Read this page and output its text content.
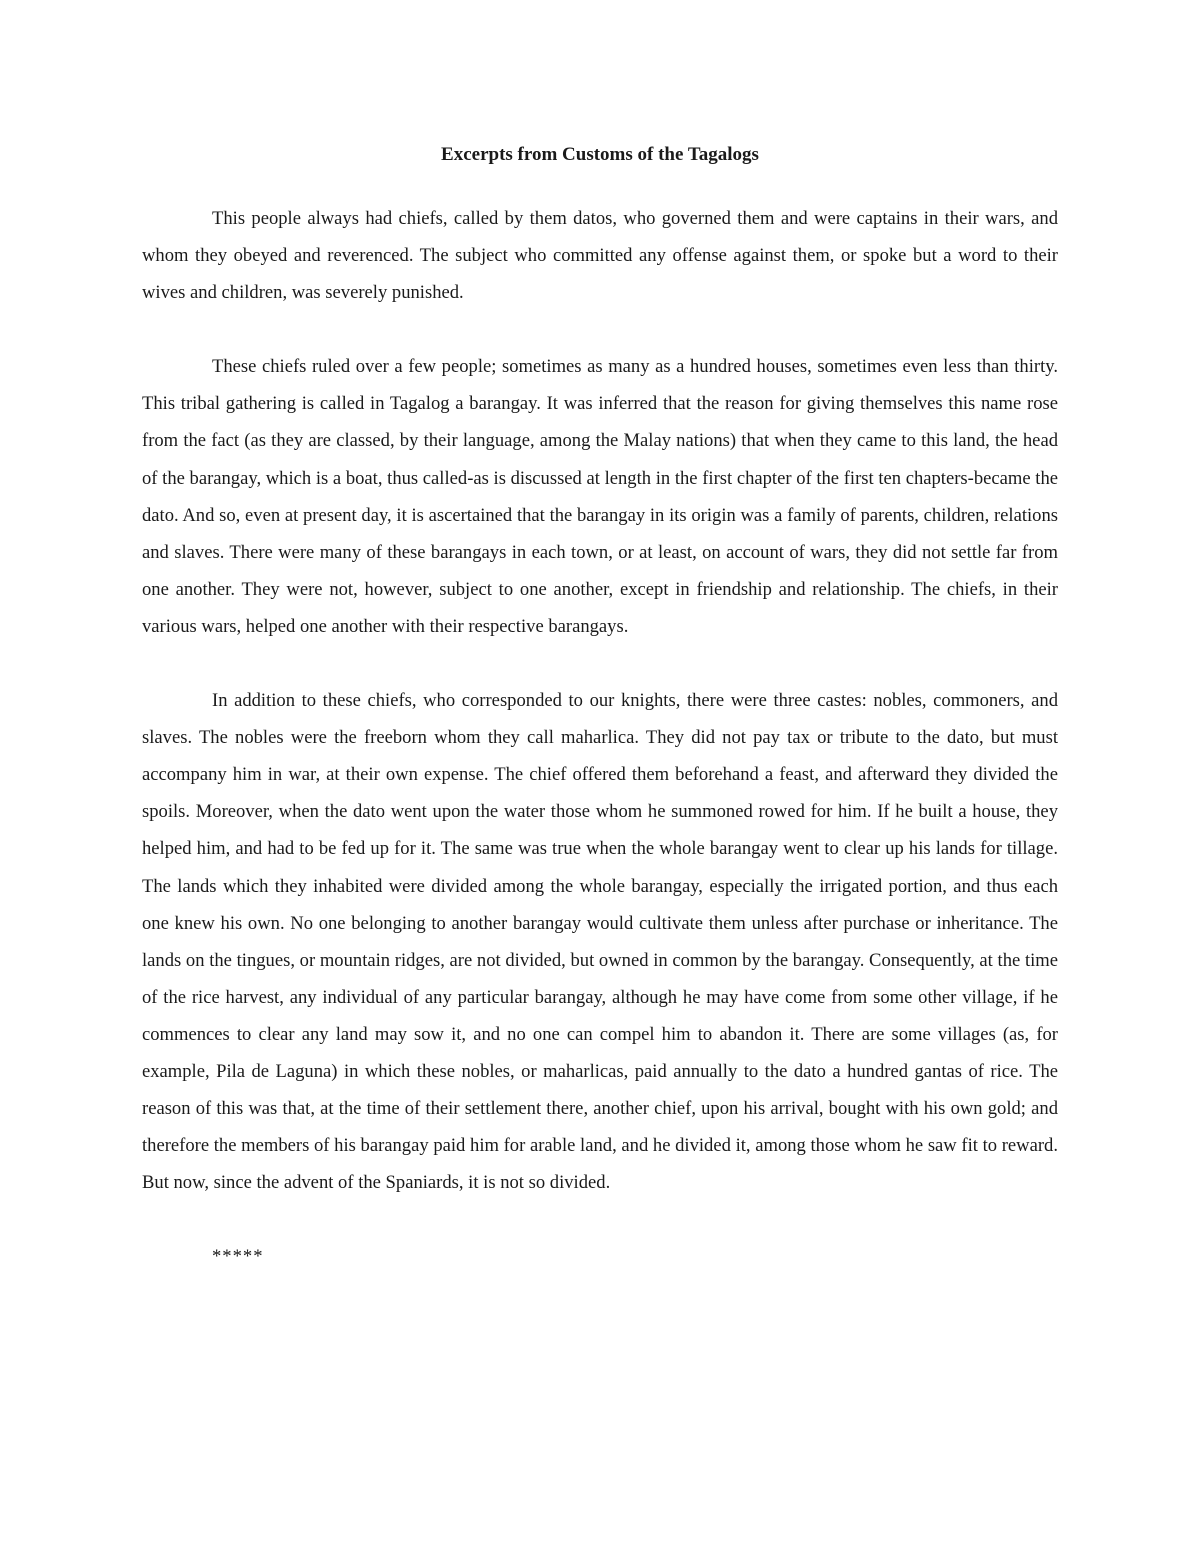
Excerpts from Customs of the Tagalogs

This people always had chiefs, called by them datos, who governed them and were captains in their wars, and whom they obeyed and reverenced. The subject who committed any offense against them, or spoke but a word to their wives and children, was severely punished.

These chiefs ruled over a few people; sometimes as many as a hundred houses, sometimes even less than thirty. This tribal gathering is called in Tagalog a barangay. It was inferred that the reason for giving themselves this name rose from the fact (as they are classed, by their language, among the Malay nations) that when they came to this land, the head of the barangay, which is a boat, thus called-as is discussed at length in the first chapter of the first ten chapters-became the dato. And so, even at present day, it is ascertained that the barangay in its origin was a family of parents, children, relations and slaves. There were many of these barangays in each town, or at least, on account of wars, they did not settle far from one another. They were not, however, subject to one another, except in friendship and relationship. The chiefs, in their various wars, helped one another with their respective barangays.

In addition to these chiefs, who corresponded to our knights, there were three castes: nobles, commoners, and slaves. The nobles were the freeborn whom they call maharlica. They did not pay tax or tribute to the dato, but must accompany him in war, at their own expense. The chief offered them beforehand a feast, and afterward they divided the spoils. Moreover, when the dato went upon the water those whom he summoned rowed for him. If he built a house, they helped him, and had to be fed up for it. The same was true when the whole barangay went to clear up his lands for tillage. The lands which they inhabited were divided among the whole barangay, especially the irrigated portion, and thus each one knew his own. No one belonging to another barangay would cultivate them unless after purchase or inheritance. The lands on the tingues, or mountain ridges, are not divided, but owned in common by the barangay. Consequently, at the time of the rice harvest, any individual of any particular barangay, although he may have come from some other village, if he commences to clear any land may sow it, and no one can compel him to abandon it. There are some villages (as, for example, Pila de Laguna) in which these nobles, or maharlicas, paid annually to the dato a hundred gantas of rice. The reason of this was that, at the time of their settlement there, another chief, upon his arrival, bought with his own gold; and therefore the members of his barangay paid him for arable land, and he divided it, among those whom he saw fit to reward. But now, since the advent of the Spaniards, it is not so divided.

*****
